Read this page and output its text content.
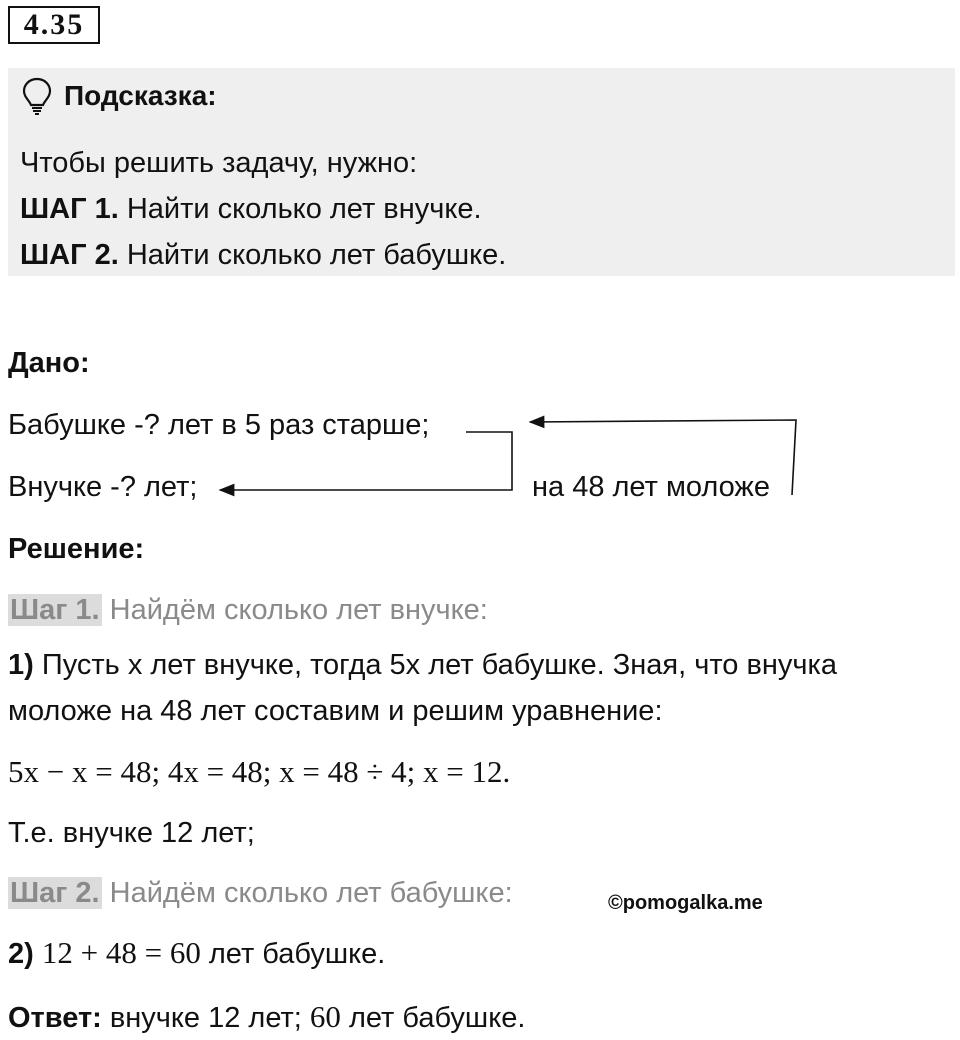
4.35
Подсказка:
Чтобы решить задачу, нужно:
ШАГ 1. Найти сколько лет внучке.
ШАГ 2. Найти сколько лет бабушке.
Дано:
Бабушке -? лет в 5 раз старше;
Внучке -? лет;	на 48 лет моложе
Решение:
Шаг 1. Найдём сколько лет внучке:
1) Пусть x лет внучке, тогда 5x лет бабушке. Зная, что внучка
моложе на 48 лет составим и решим уравнение:
5x − x = 48; 4x = 48; x = 48 ÷ 4; x = 12.
Т.е. внучке 12 лет;
Шаг 2. Найдём сколько лет бабушке:	©pomogalka.me
2) 12 + 48 = 60 лет бабушке.
Ответ: внучке 12 лет; 60 лет бабушке.
